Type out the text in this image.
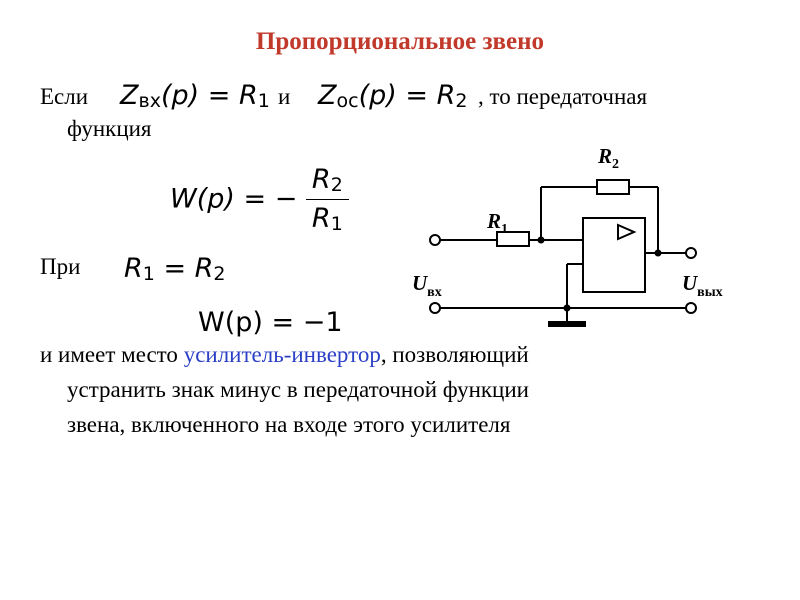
Пропорциональное звено
Если $Z_{вх}(p) = R_1$ и $Z_{ос}(p) = R_2$ , то передаточная
функция
W(p) = − $\frac{R_2}{R_1}$
При $R_1 = R_2$
W(p) = −1
и имеет место усилитель-инвертор, позволяющий
устранить знак минус в передаточной функции
звена, включенного на входе этого усилителя
$R_2$
$R_1$
$U_{вх}$	$U_{вых}$
